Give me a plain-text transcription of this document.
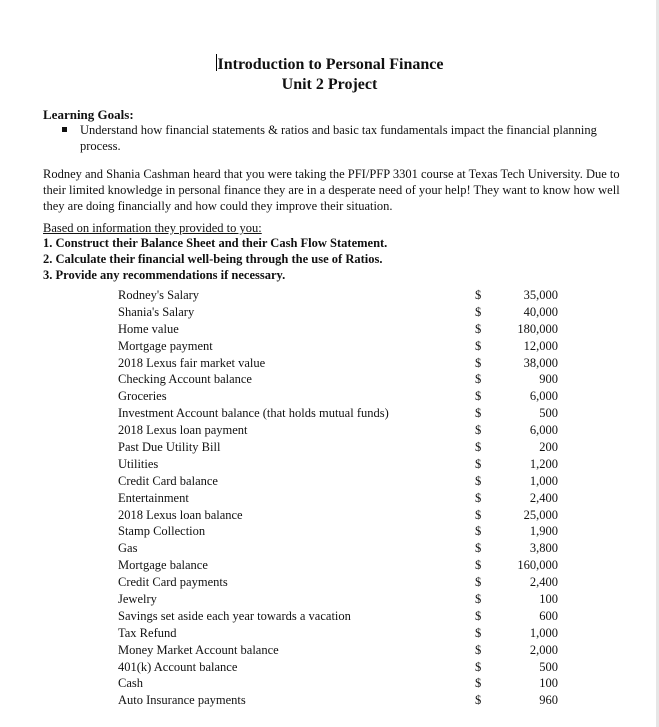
Introduction to Personal Finance
Unit 2 Project
Learning Goals:
Understand how financial statements & ratios and basic tax fundamentals impact the financial planning process.
Rodney and Shania Cashman heard that you were taking the PFI/PFP 3301 course at Texas Tech University. Due to their limited knowledge in personal finance they are in a desperate need of your help! They want to know how well they are doing financially and how could they improve their situation.
Based on information they provided to you:
1. Construct their Balance Sheet and their Cash Flow Statement.
2. Calculate their financial well-being through the use of Ratios.
3. Provide any recommendations if necessary.
Rodney's Salary	$	35,000
Shania's Salary	$	40,000
Home value	$	180,000
Mortgage payment	$	12,000
2018 Lexus fair market value	$	38,000
Checking Account balance	$	900
Groceries	$	6,000
Investment Account balance (that holds mutual funds)	$	500
2018 Lexus loan payment	$	6,000
Past Due Utility Bill	$	200
Utilities	$	1,200
Credit Card balance	$	1,000
Entertainment	$	2,400
2018 Lexus loan balance	$	25,000
Stamp Collection	$	1,900
Gas	$	3,800
Mortgage balance	$	160,000
Credit Card payments	$	2,400
Jewelry	$	100
Savings set aside each year towards a vacation	$	600
Tax Refund	$	1,000
Money Market Account balance	$	2,000
401(k) Account balance	$	500
Cash	$	100
Auto Insurance payments	$	960
